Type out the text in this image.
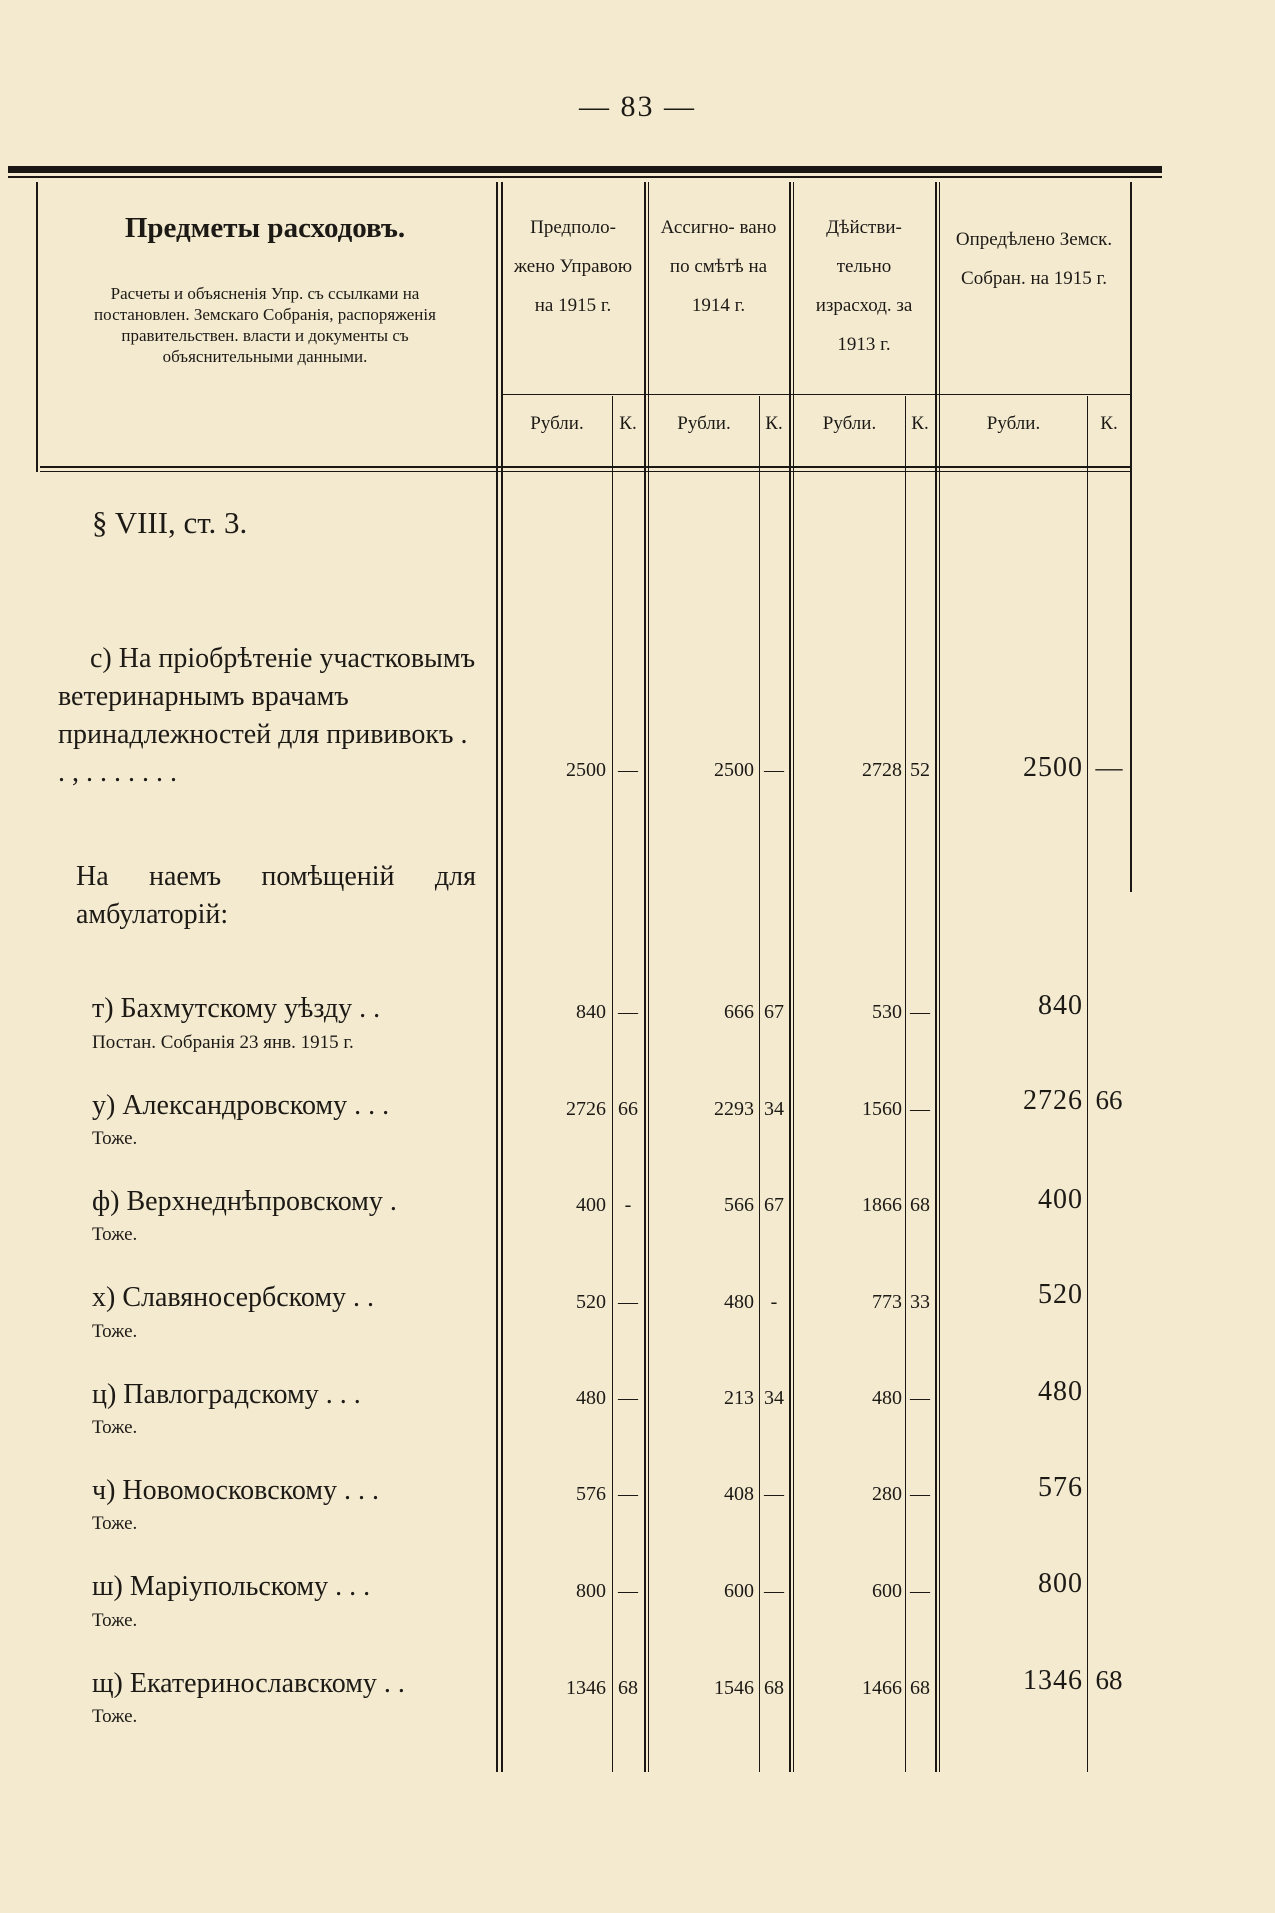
— 83 —
Предметы расходовъ.
Расчеты и объясненія Упр. съ ссылками на постановлен. Земскаго Собранія, распоряженія правительствен. власти и документы съ объяснительными данными.
Предполо- жено Управою на 1915 г.
Ассигно- вано по смѣтѣ на 1914 г.
Дѣйстви- тельно израсход. за 1913 г.
Опредѣлено Земск. Собран. на 1915 г.
Рубли.	К.	Рубли.	К.	Рубли.	К.	Рубли.	К.
§ VIII, ст. 3.
с) На пріобрѣтеніе участковымъ ветеринарнымъ врачамъ принадлежностей для прививокъ . . , . . . . . . .	2500 —	2500 —	2728 52	2500 —
На наемъ помѣщеній для амбулаторій:
т) Бахмутскому уѣзду . .
Постан. Собранія 23 янв. 1915 г.
840 —	666 67	530 —	840
у) Александровскому . . .
Тоже.
2726 66	2293 34	1560 —	2726 66
ф) Верхнеднѣпровскому .
Тоже.
400 -	566 67	1866 68	400
х) Славяносербскому . .
Тоже.
520 —	480 -	773 33	520
ц) Павлоградскому . . .
Тоже.
480 —	213 34	480 —	480
ч) Новомосковскому . . .
Тоже.
576 —	408 —	280 —	576
ш) Маріупольскому . . .
Тоже.
800 —	600 —	600 —	800
щ) Екатеринославскому . .
Тоже.
1346 68	1546 68	1466 68	1346 68
